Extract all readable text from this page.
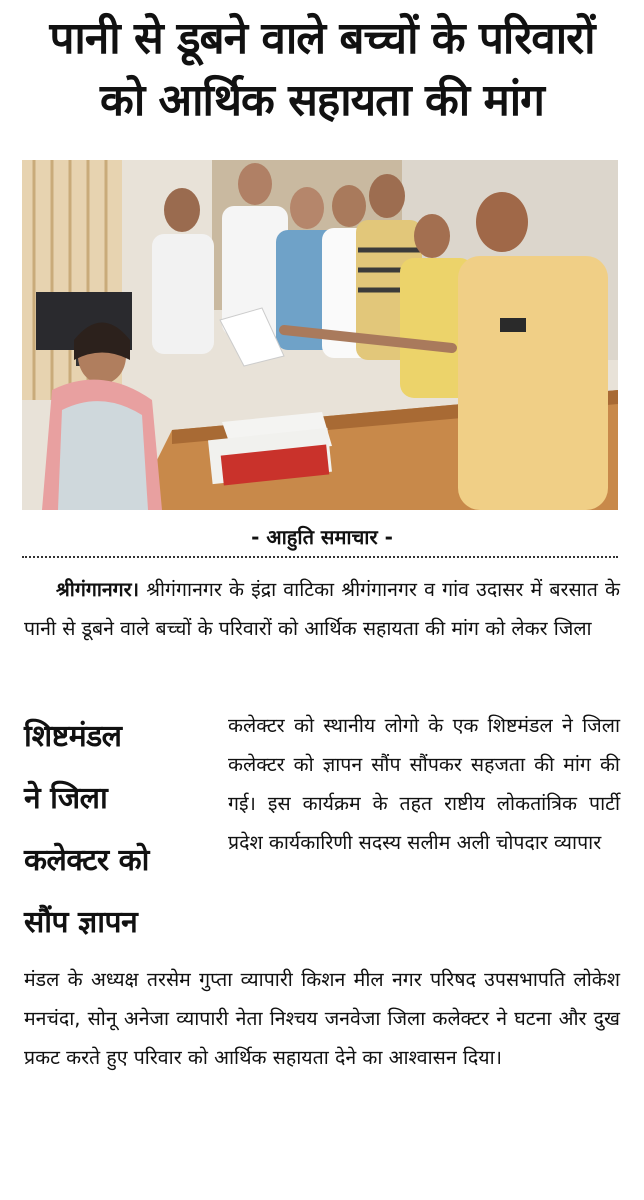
पानी से डूबने वाले बच्चों के परिवारों
को आर्थिक सहायता की मांग
- आहुति समाचार -
श्रीगंगानगर। श्रीगंगानगर के इंद्रा वाटिका श्रीगंगानगर व गांव उदासर में बरसात के पानी से डूबने वाले बच्चों के परिवारों को आर्थिक सहायता की मांग को लेकर जिला
शिष्टमंडल
ने जिला
कलेक्टर को
सौंप ज्ञापन
कलेक्टर को स्थानीय लोगो के एक शिष्टमंडल ने जिला कलेक्टर को ज्ञापन सौंप सौंपकर सहजता की मांग की गई। इस कार्यक्रम के तहत राष्टीय लोकतांत्रिक पार्टी प्रदेश कार्यकारिणी सदस्य सलीम अली चोपदार व्यापार
मंडल के अध्यक्ष तरसेम गुप्ता व्यापारी किशन मील नगर परिषद उपसभापति लोकेश मनचंदा, सोनू अनेजा व्यापारी नेता निश्चय जनवेजा जिला कलेक्टर ने घटना और दुख प्रकट करते हुए परिवार को आर्थिक सहायता देने का आश्वासन दिया।
